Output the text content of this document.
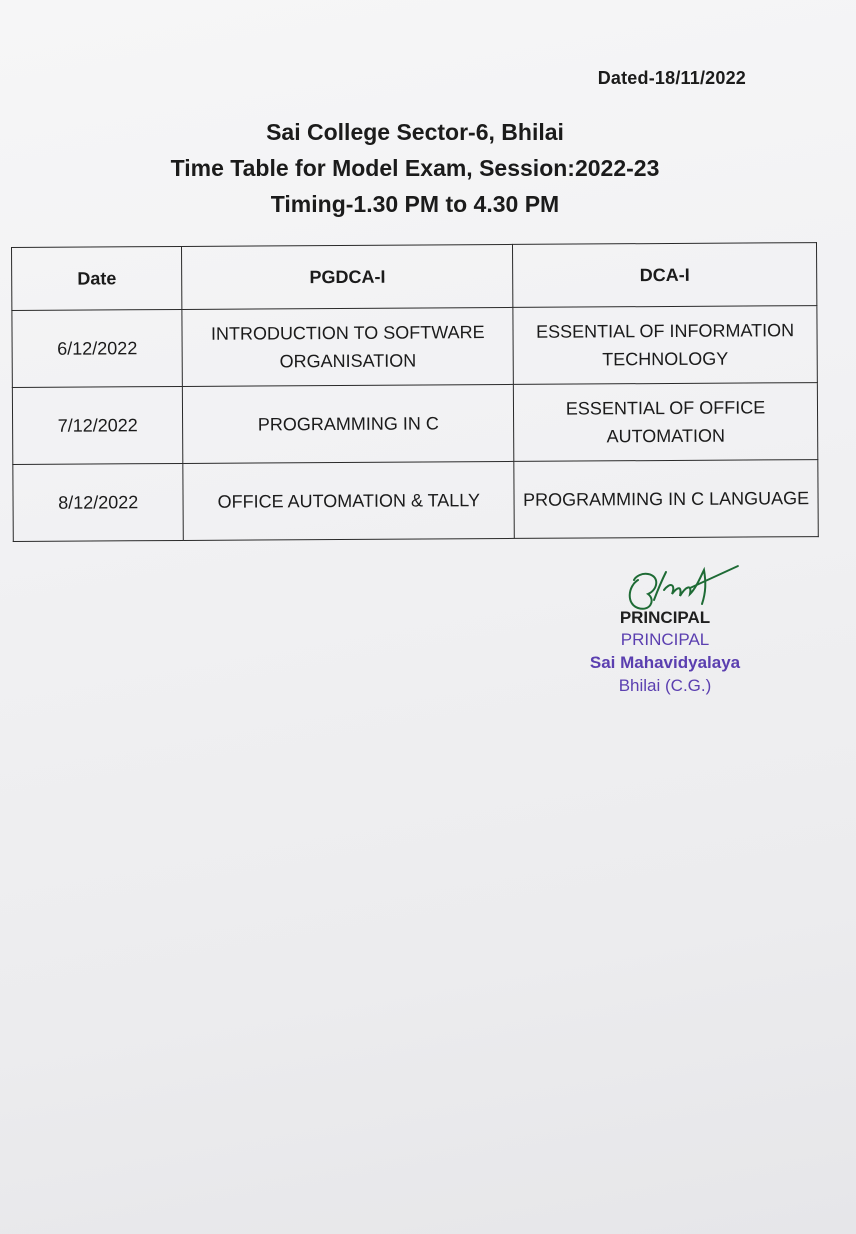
Dated-18/11/2022
Sai College Sector-6, Bhilai
Time Table for Model Exam, Session:2022-23
Timing-1.30 PM to 4.30 PM
Date	PGDCA-I	DCA-I
6/12/2022	INTRODUCTION TO SOFTWARE ORGANISATION	ESSENTIAL OF INFORMATION TECHNOLOGY
7/12/2022	PROGRAMMING IN C	ESSENTIAL OF OFFICE AUTOMATION
8/12/2022	OFFICE AUTOMATION & TALLY	PROGRAMMING IN C LANGUAGE
PRINCIPAL
PRINCIPAL
Sai Mahavidyalaya
Bhilai (C.G.)
